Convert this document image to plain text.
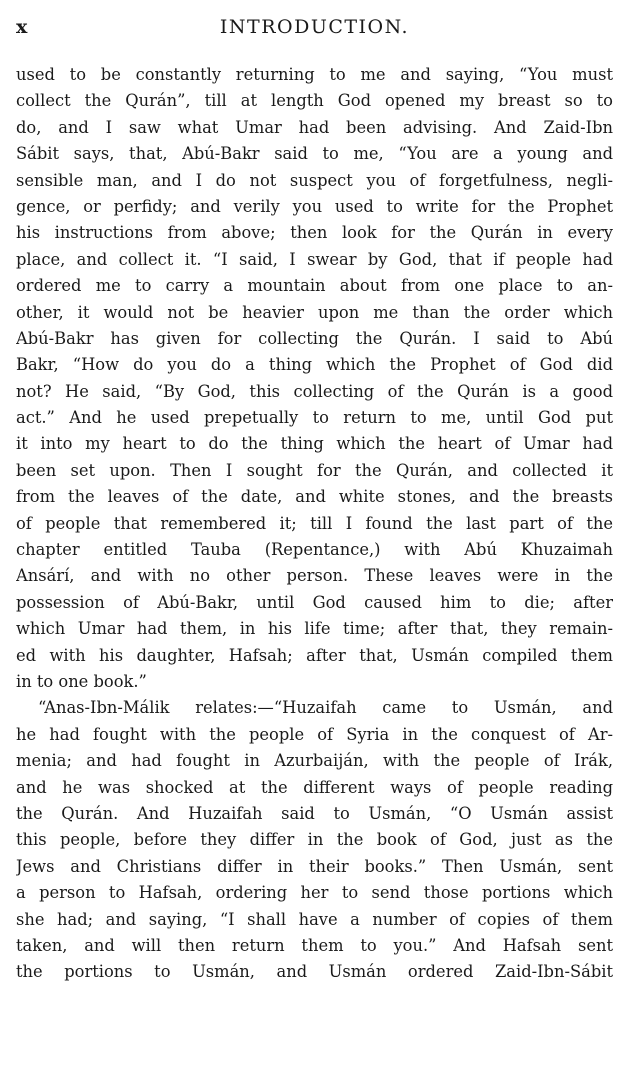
x	INTRODUCTION.
used to be constantly returning to me and saying, “You must
collect the Qurán”, till at length God opened my breast so to
do, and I saw what Umar had been advising. And Zaid-Ibn
Sábit says, that, Abú-Bakr said to me, “You are a young and
sensible man, and I do not suspect you of forgetfulness, negli-
gence, or perfidy; and verily you used to write for the Prophet
his instructions from above; then look for the Qurán in every
place, and collect it. “I said, I swear by God, that if people had
ordered me to carry a mountain about from one place to an-
other, it would not be heavier upon me than the order which
Abú-Bakr has given for collecting the Qurán. I said to Abú
Bakr, “How do you do a thing which the Prophet of God did
not? He said, “By God, this collecting of the Qurán is a good
act.” And he used prepetually to return to me, until God put
it into my heart to do the thing which the heart of Umar had
been set upon. Then I sought for the Qurán, and collected it
from the leaves of the date, and white stones, and the breasts
of people that remembered it; till I found the last part of the
chapter entitled Tauba (Repentance,) with Abú Khuzaimah
Ansárí, and with no other person. These leaves were in the
possession of Abú-Bakr, until God caused him to die; after
which Umar had them, in his life time; after that, they remain-
ed with his daughter, Hafsah; after that, Usmán compiled them
in to one book.”
“Anas-Ibn-Málik relates:—“Huzaifah came to Usmán, and
he had fought with the people of Syria in the conquest of Ar-
menia; and had fought in Azurbaiján, with the people of Irák,
and he was shocked at the different ways of people reading
the Qurán. And Huzaifah said to Usmán, “O Usmán assist
this people, before they differ in the book of God, just as the
Jews and Christians differ in their books.” Then Usmán, sent
a person to Hafsah, ordering her to send those portions which
she had; and saying, “I shall have a number of copies of them
taken, and will then return them to you.” And Hafsah sent
the portions to Usmán, and Usmán ordered Zaid-Ibn-Sábit
